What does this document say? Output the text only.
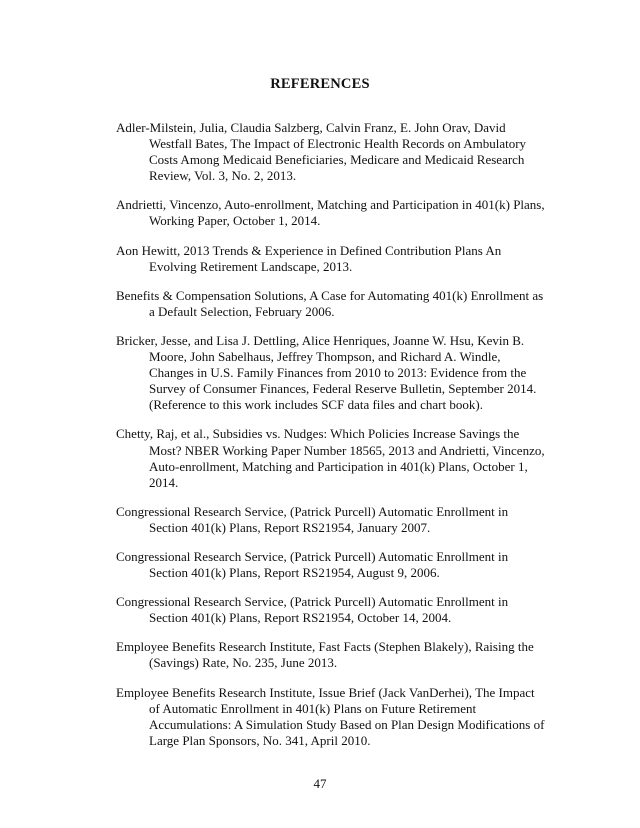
REFERENCES

Adler-Milstein, Julia, Claudia Salzberg, Calvin Franz, E. John Orav, David Westfall Bates, The Impact of Electronic Health Records on Ambulatory Costs Among Medicaid Beneficiaries, Medicare and Medicaid Research Review, Vol. 3, No. 2, 2013.

Andrietti, Vincenzo, Auto-enrollment, Matching and Participation in 401(k) Plans, Working Paper, October 1, 2014.

Aon Hewitt, 2013 Trends & Experience in Defined Contribution Plans An Evolving Retirement Landscape, 2013.

Benefits & Compensation Solutions, A Case for Automating 401(k) Enrollment as a Default Selection, February 2006.

Bricker, Jesse, and Lisa J. Dettling, Alice Henriques, Joanne W. Hsu, Kevin B. Moore, John Sabelhaus, Jeffrey Thompson, and Richard A. Windle, Changes in U.S. Family Finances from 2010 to 2013: Evidence from the Survey of Consumer Finances, Federal Reserve Bulletin, September 2014. (Reference to this work includes SCF data files and chart book).

Chetty, Raj, et al., Subsidies vs. Nudges: Which Policies Increase Savings the Most? NBER Working Paper Number 18565, 2013 and Andrietti, Vincenzo, Auto-enrollment, Matching and Participation in 401(k) Plans, October 1, 2014.

Congressional Research Service, (Patrick Purcell) Automatic Enrollment in Section 401(k) Plans, Report RS21954, January 2007.

Congressional Research Service, (Patrick Purcell) Automatic Enrollment in Section 401(k) Plans, Report RS21954, August 9, 2006.

Congressional Research Service, (Patrick Purcell) Automatic Enrollment in Section 401(k) Plans, Report RS21954, October 14, 2004.

Employee Benefits Research Institute, Fast Facts (Stephen Blakely), Raising the (Savings) Rate, No. 235, June 2013.

Employee Benefits Research Institute, Issue Brief (Jack VanDerhei), The Impact of Automatic Enrollment in 401(k) Plans on Future Retirement Accumulations: A Simulation Study Based on Plan Design Modifications of Large Plan Sponsors, No. 341, April 2010.

47
